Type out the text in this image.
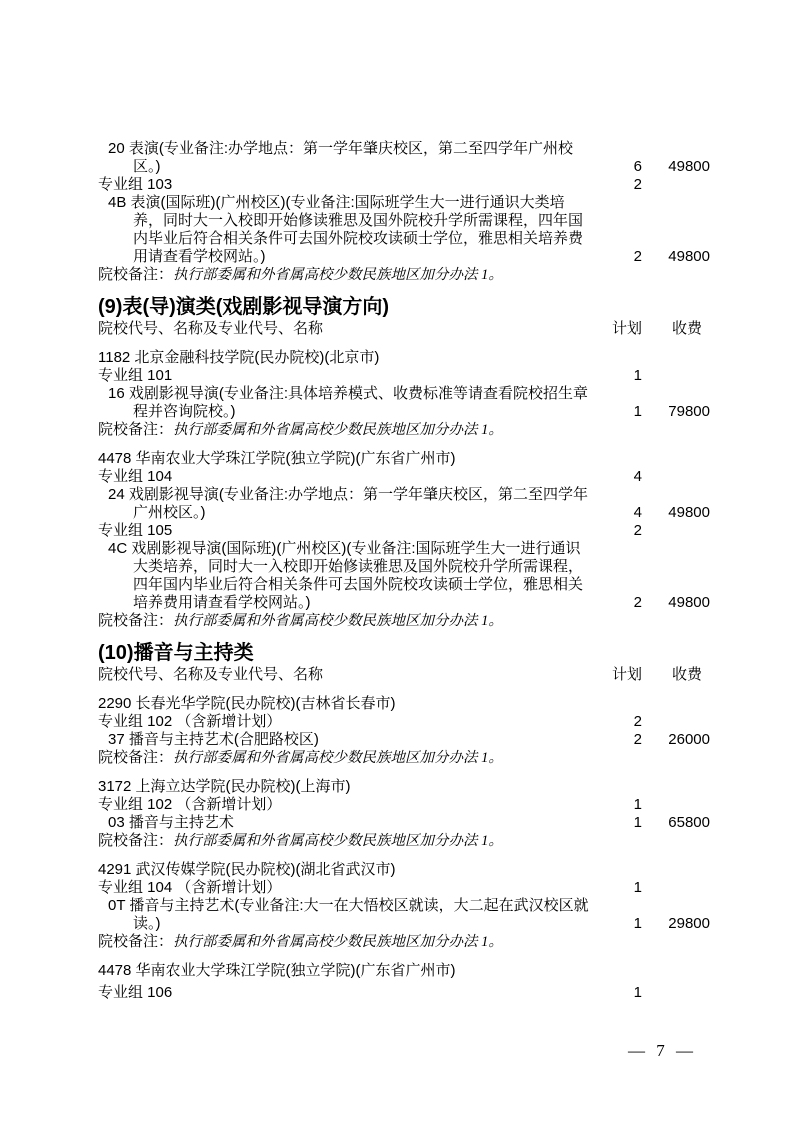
20 表演(专业备注:办学地点：第一学年肇庆校区，第二至四学年广州校区。)	6	49800
专业组 103	2
4B 表演(国际班)(广州校区)(专业备注:国际班学生大一进行通识大类培养，同时大一入校即开始修读雅思及国外院校升学所需课程，四年国内毕业后符合相关条件可去国外院校攻读硕士学位，雅思相关培养费用请查看学校网站。)	2	49800
院校备注：执行部委属和外省属高校少数民族地区加分办法 1。
(9)表(导)演类(戏剧影视导演方向)
院校代号、名称及专业代号、名称	计划	收费
1182 北京金融科技学院(民办院校)(北京市)
专业组 101	1
16 戏剧影视导演(专业备注:具体培养模式、收费标准等请查看院校招生章程并咨询院校。)	1	79800
院校备注：执行部委属和外省属高校少数民族地区加分办法 1。
4478 华南农业大学珠江学院(独立学院)(广东省广州市)
专业组 104	4
24 戏剧影视导演(专业备注:办学地点：第一学年肇庆校区，第二至四学年广州校区。)	4	49800
专业组 105	2
4C 戏剧影视导演(国际班)(广州校区)(专业备注:国际班学生大一进行通识大类培养，同时大一入校即开始修读雅思及国外院校升学所需课程，四年国内毕业后符合相关条件可去国外院校攻读硕士学位，雅思相关培养费用请查看学校网站。)	2	49800
院校备注：执行部委属和外省属高校少数民族地区加分办法 1。
(10)播音与主持类
院校代号、名称及专业代号、名称	计划	收费
2290 长春光华学院(民办院校)(吉林省长春市)
专业组 102 （含新增计划）	2
37 播音与主持艺术(合肥路校区)	2	26000
院校备注：执行部委属和外省属高校少数民族地区加分办法 1。
3172 上海立达学院(民办院校)(上海市)
专业组 102 （含新增计划）	1
03 播音与主持艺术	1	65800
院校备注：执行部委属和外省属高校少数民族地区加分办法 1。
4291 武汉传媒学院(民办院校)(湖北省武汉市)
专业组 104 （含新增计划）	1
0T 播音与主持艺术(专业备注:大一在大悟校区就读，大二起在武汉校区就读。)	1	29800
院校备注：执行部委属和外省属高校少数民族地区加分办法 1。
4478 华南农业大学珠江学院(独立学院)(广东省广州市)
专业组 106	1
— 7 —
